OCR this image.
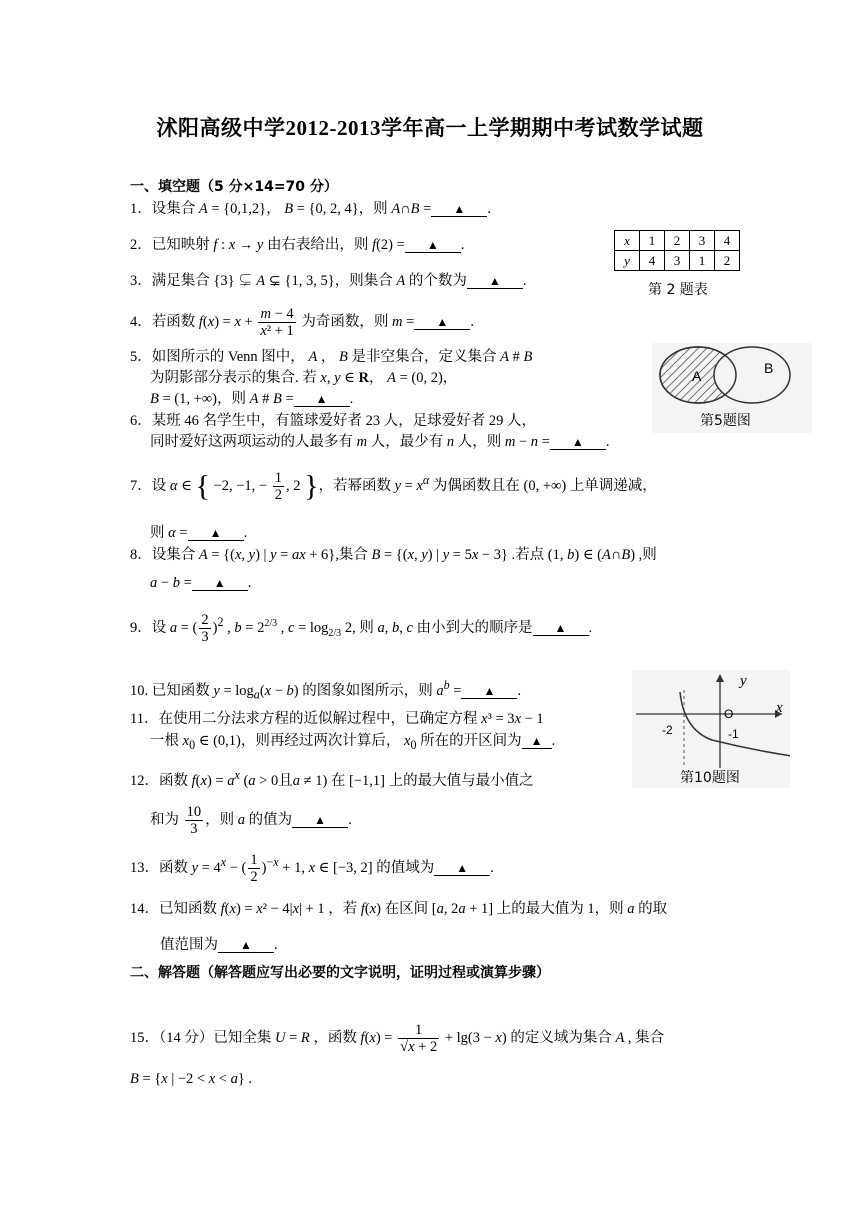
沭阳高级中学2012-2013学年高一上学期期中考试数学试题
一、填空题（5 分×14=70 分）
1．设集合 A = {0,1,2}， B = {0, 2, 4}，则 A∩B = ▲ .
2．已知映射 f : x → y 由右表给出，则 f(2) = ▲ .	x	1	2	3	4
y	4	3	1	2
第 2 题表
3．满足集合 {3} ⊊ A ⊊ {1, 3, 5}，则集合 A 的个数为 ▲ .
4．若函数 $f(x) = x + \frac{m - 4}{\text{x² + 1}}$ 为奇函数，则 m = ▲ .
5．如图所示的 Venn 图中， A ， B 是非空集合，定义集合 A # B
为阴影部分表示的集合. 若 x, y ∈ R， A = (0, 2)，
B = (1, +∞)，则 A # B = ▲ .
A	B
第5题图
6．某班 46 名学生中，有篮球爱好者 23 人，足球爱好者 29 人，
同时爱好这两项运动的人最多有 m 人，最少有 n 人，则 m − n = ▲ .
7．设 α ∈ { −2, −1, − $\frac{1}{2}$ , 2 }，若幂函数 $y = x^\alpha$ 为偶函数且在 (0, +∞) 上单调递减，
则 α = ▲ .
8．设集合 A = {(x, y) | y = ax + 6},集合 B = {(x, y) | y = 5x − 3} .若点 (1, b) ∈ (A∩B) ,则
a − b = ▲ .
9．设 a = ( $\frac{2}{3} )^2$ , $b = 2^{2/3}$ , $c = \log_{2/3} 2$, 则 a, b, c 由小到大的顺序是 ▲ .
10. 已知函数 $y = \log_a(x - b)$ 的图象如图所示，则 $a^b$ = ▲ .
y
x
O
-2	-1
第10题图
11．在使用二分法求方程的近似解过程中，已确定方程 x³ = 3x − 1
一根 $x_0$ ∈ (0,1)，则再经过两次计算后， $x_0$ 所在的开区间为 ▲ .
12．函数 $f(x) = a^x$ (a > 0且a ≠ 1) 在 [−1,1] 上的最大值与最小值之
和为 $\frac{10}{3}$ ，则 a 的值为 ▲ .
13．函数 $y = 4^x$ − ( $\frac{1}{2} )^{-x} + 1$, x ∈ [−3, 2] 的值域为 ▲ .
14．已知函数 f(x) = x² − 4|x| + 1 ，若 f(x) 在区间 [a, 2a + 1] 上的最大值为 1，则 a 的取
值范围为 ▲ .
二、解答题（解答题应写出必要的文字说明，证明过程或演算步骤）
15．（14 分）已知全集 U = R ，函数 $f(x) = \frac{1}{√x + 2} + \lg(3 - x)$ 的定义域为集合 A , 集合
B = {x | −2 < x < a} .
